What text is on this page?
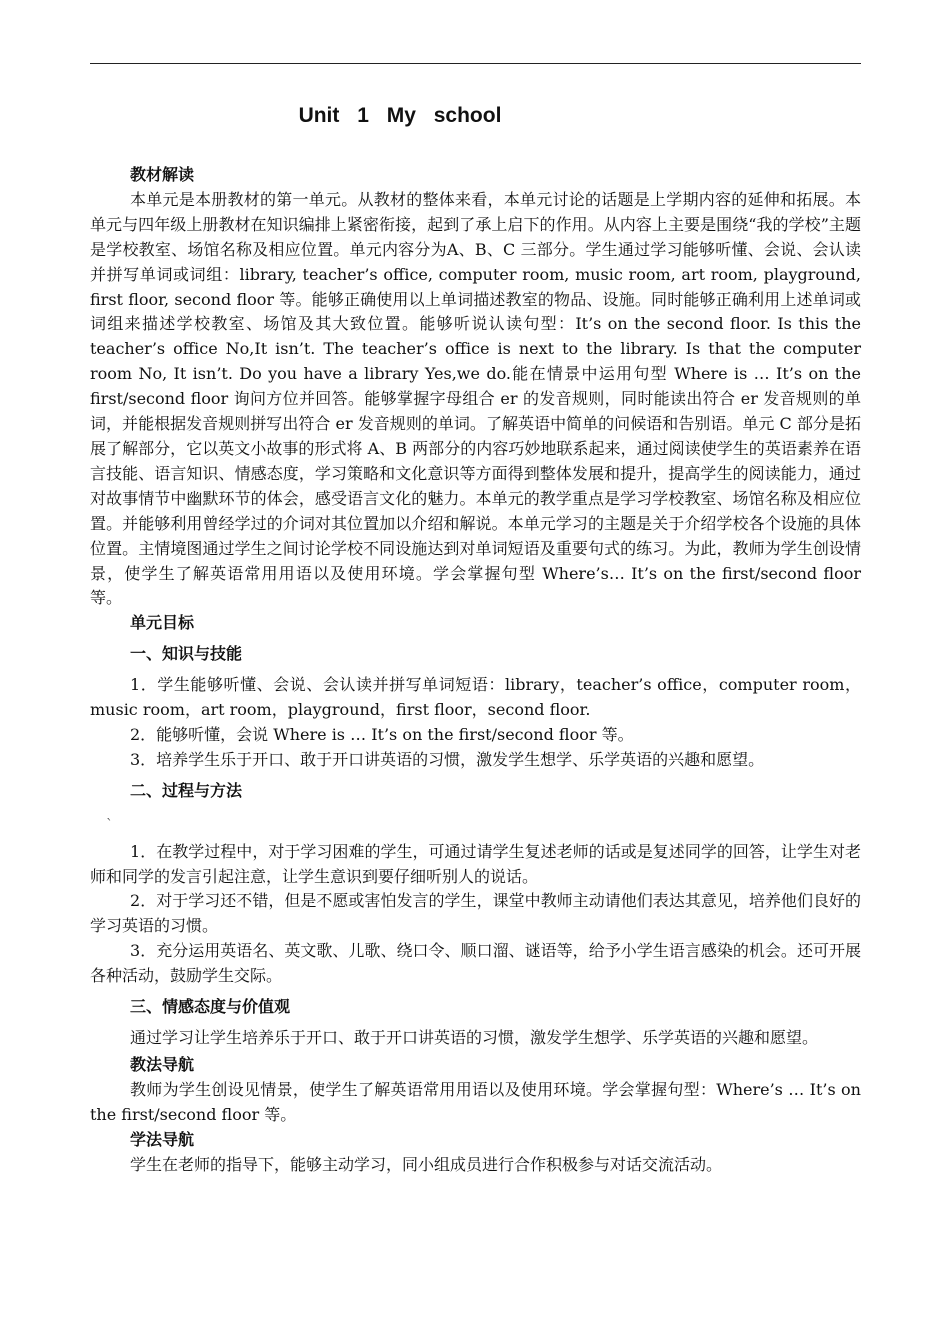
Unit 1 My school

教材解读

本单元是本册教材的第一单元。从教材的整体来看，本单元讨论的话题是上学期内容的延伸和拓展。本单元与四年级上册教材在知识编排上紧密衔接，起到了承上启下的作用。从内容上主要是围绕“我的学校”主题是学校教室、场馆名称及相应位置。单元内容分为A、B、C 三部分。学生通过学习能够听懂、会说、会认读并拼写单词或词组：library, teacher’s office, computer room, music room, art room, playground, first floor, second floor 等。能够正确使用以上单词描述教室的物品、设施。同时能够正确利用上述单词或词组来描述学校教室、场馆及其大致位置。能够听说认读句型：It’s on the second floor. Is this the teacher’s office No,It isn’t. The teacher’s office is next to the library. Is that the computer room No, It isn’t. Do you have a library Yes,we do.能在情景中运用句型 Where is … It’s on the first/second floor 询问方位并回答。能够掌握字母组合 er 的发音规则，同时能读出符合 er 发音规则的单词，并能根据发音规则拼写出符合 er 发音规则的单词。了解英语中简单的问候语和告别语。单元 C 部分是拓展了解部分，它以英文小故事的形式将 A、B 两部分的内容巧妙地联系起来，通过阅读使学生的英语素养在语言技能、语言知识、情感态度，学习策略和文化意识等方面得到整体发展和提升，提高学生的阅读能力，通过对故事情节中幽默环节的体会，感受语言文化的魅力。本单元的教学重点是学习学校教室、场馆名称及相应位置。并能够利用曾经学过的介词对其位置加以介绍和解说。本单元学习的主题是关于介绍学校各个设施的具体位置。主情境图通过学生之间讨论学校不同设施达到对单词短语及重要句式的练习。为此，教师为学生创设情景，使学生了解英语常用用语以及使用环境。学会掌握句型 Where’s… It’s on the first/second floor 等。

单元目标

一、知识与技能

1．学生能够听懂、会说、会认读并拼写单词短语：library，teacher’s office，computer room，music room，art room，playground，first floor，second floor.

2．能够听懂，会说 Where is … It’s on the first/second floor 等。

3．培养学生乐于开口、敢于开口讲英语的习惯，激发学生想学、乐学英语的兴趣和愿望。

二、过程与方法

ˋ

1．在教学过程中，对于学习困难的学生，可通过请学生复述老师的话或是复述同学的回答，让学生对老师和同学的发言引起注意，让学生意识到要仔细听别人的说话。

2．对于学习还不错，但是不愿或害怕发言的学生，课堂中教师主动请他们表达其意见，培养他们良好的学习英语的习惯。

3．充分运用英语名、英文歌、儿歌、绕口令、顺口溜、谜语等，给予小学生语言感染的机会。还可开展各种活动，鼓励学生交际。

三、情感态度与价值观

通过学习让学生培养乐于开口、敢于开口讲英语的习惯，激发学生想学、乐学英语的兴趣和愿望。

教法导航

教师为学生创设见情景，使学生了解英语常用用语以及使用环境。学会掌握句型：Where’s … It’s on the first/second floor 等。

学法导航

学生在老师的指导下，能够主动学习，同小组成员进行合作积极参与对话交流活动。
